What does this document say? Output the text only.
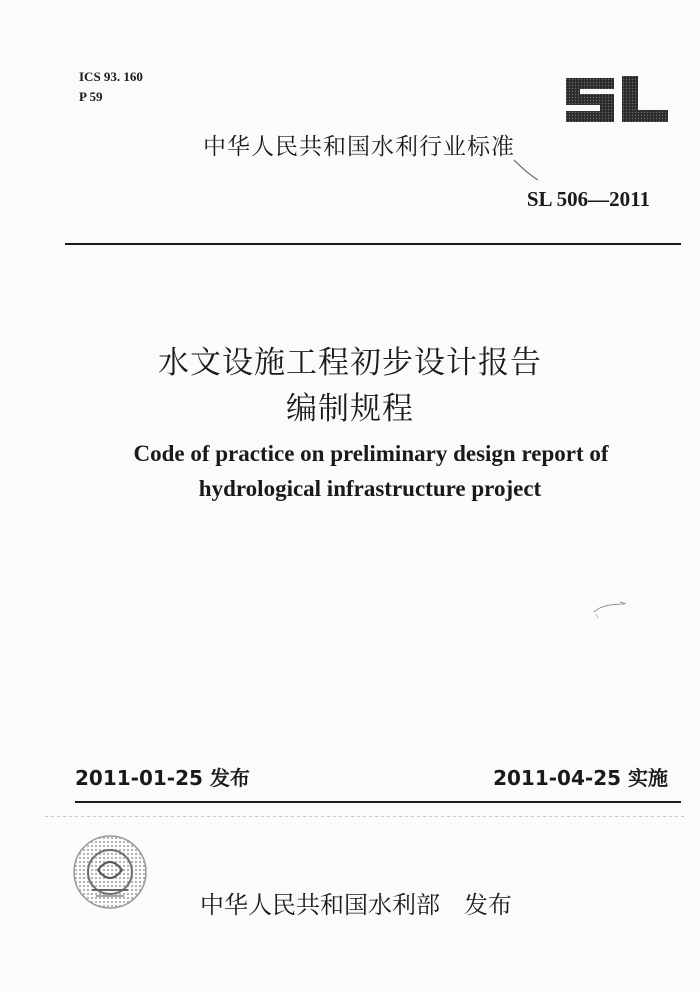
ICS 93. 160
P 59
中华人民共和国水利行业标准
SL 506—2011
水文设施工程初步设计报告
编制规程
Code of practice on preliminary design report of
hydrological infrastructure project
2011-01-25 发布	2011-04-25 实施
中华人民共和国水利部 发布
